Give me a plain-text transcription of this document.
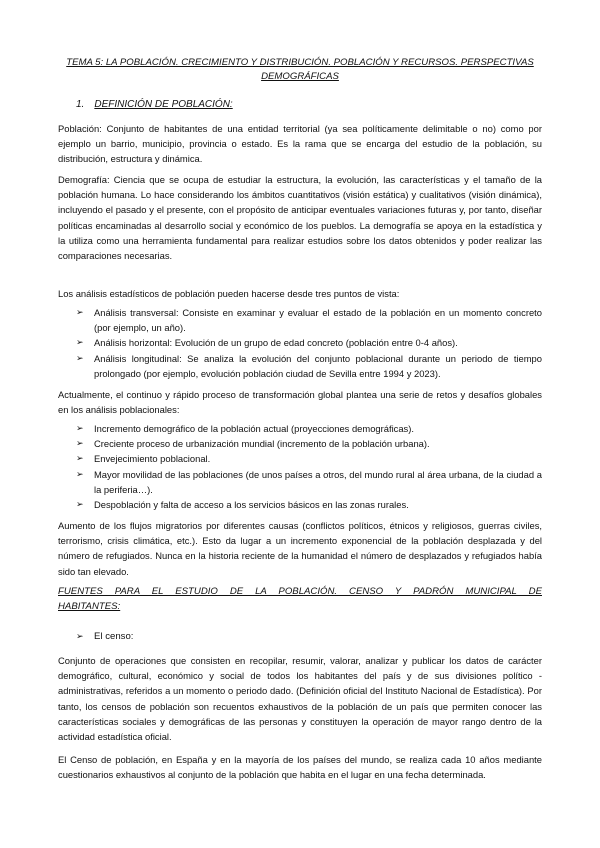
TEMA 5: LA POBLACIÓN. CRECIMIENTO Y DISTRIBUCIÓN. POBLACIÓN Y RECURSOS. PERSPECTIVAS DEMOGRÁFICAS
1. DEFINICIÓN DE POBLACIÓN:

Población: Conjunto de habitantes de una entidad territorial (ya sea políticamente delimitable o no) como por ejemplo un barrio, municipio, provincia o estado. Es la rama que se encarga del estudio de la población, su distribución, estructura y dinámica.

Demografía: Ciencia que se ocupa de estudiar la estructura, la evolución, las características y el tamaño de la población humana. Lo hace considerando los ámbitos cuantitativos (visión estática) y cualitativos (visión dinámica), incluyendo el pasado y el presente, con el propósito de anticipar eventuales variaciones futuras y, por tanto, diseñar políticas encaminadas al desarrollo social y económico de los pueblos. La demografía se apoya en la estadística y la utiliza como una herramienta fundamental para realizar estudios sobre los datos obtenidos y poder realizar las comparaciones necesarias.

Los análisis estadísticos de población pueden hacerse desde tres puntos de vista:

➢ Análisis transversal: Consiste en examinar y evaluar el estado de la población en un momento concreto (por ejemplo, un año).
➢ Análisis horizontal: Evolución de un grupo de edad concreto (población entre 0-4 años).
➢ Análisis longitudinal: Se analiza la evolución del conjunto poblacional durante un periodo de tiempo prolongado (por ejemplo, evolución población ciudad de Sevilla entre 1994 y 2023).

Actualmente, el continuo y rápido proceso de transformación global plantea una serie de retos y desafíos globales en los análisis poblacionales:

➢ Incremento demográfico de la población actual (proyecciones demográficas).
➢ Creciente proceso de urbanización mundial (incremento de la población urbana).
➢ Envejecimiento poblacional.
➢ Mayor movilidad de las poblaciones (de unos países a otros, del mundo rural al área urbana, de la ciudad a la periferia…).
➢ Despoblación y falta de acceso a los servicios básicos en las zonas rurales.

Aumento de los flujos migratorios por diferentes causas (conflictos políticos, étnicos y religiosos, guerras civiles, terrorismo, crisis climática, etc.). Esto da lugar a un incremento exponencial de la población desplazada y del número de refugiados. Nunca en la historia reciente de la humanidad el número de desplazados y refugiados había sido tan elevado.

FUENTES PARA EL ESTUDIO DE LA POBLACIÓN. CENSO Y PADRÓN MUNICIPAL DE HABITANTES:
➢ El censo:

Conjunto de operaciones que consisten en recopilar, resumir, valorar, analizar y publicar los datos de carácter demográfico, cultural, económico y social de todos los habitantes del país y de sus divisiones político - administrativas, referidos a un momento o periodo dado. (Definición oficial del Instituto Nacional de Estadística). Por tanto, los censos de población son recuentos exhaustivos de la población de un país que permiten conocer las características sociales y demográficas de las personas y constituyen la operación de mayor rango dentro de la actividad estadística oficial.

El Censo de población, en España y en la mayoría de los países del mundo, se realiza cada 10 años mediante cuestionarios exhaustivos al conjunto de la población que habita en el lugar en una fecha determinada.
